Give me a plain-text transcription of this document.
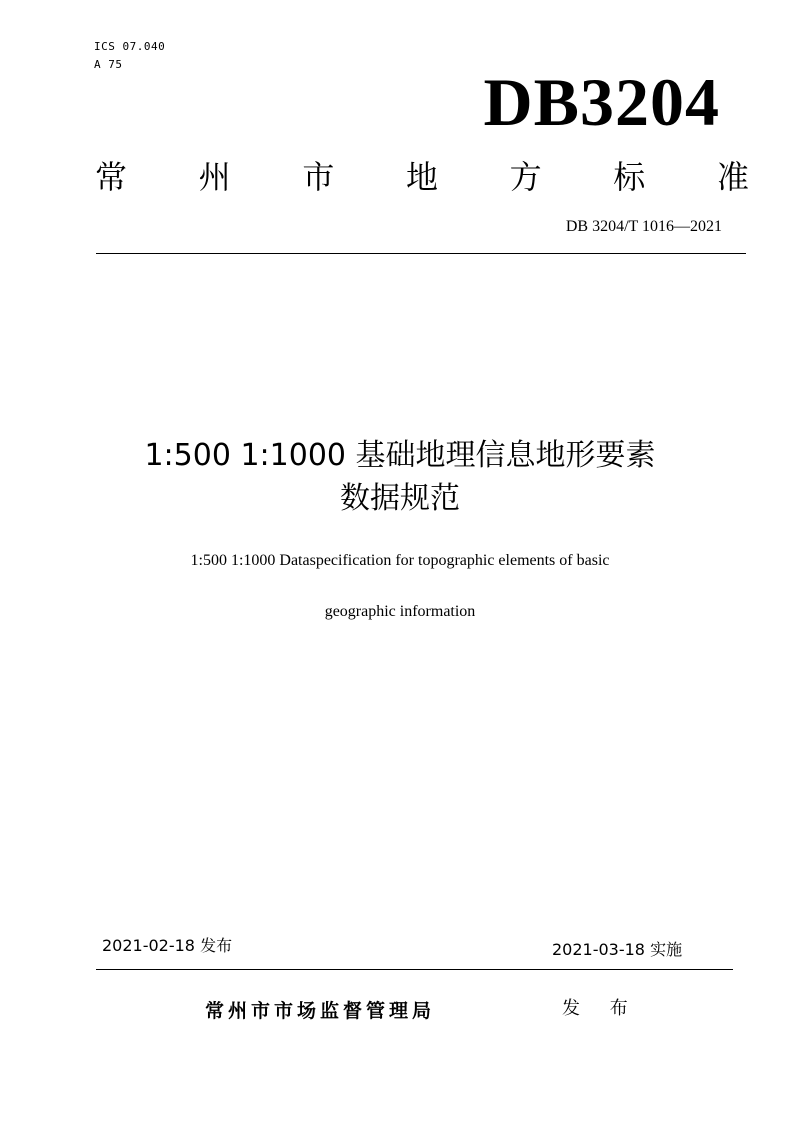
ICS 07.040
A 75	DB3204
常 州 市 地 方 标 准
DB 3204/T 1016—2021
1:500 1:1000 基础地理信息地形要素
数据规范
1:500 1:1000 Dataspecification for topographic elements of basic
geographic information
2021-02-18 发布	2021-03-18 实施
常州市市场监督管理局	发 布
